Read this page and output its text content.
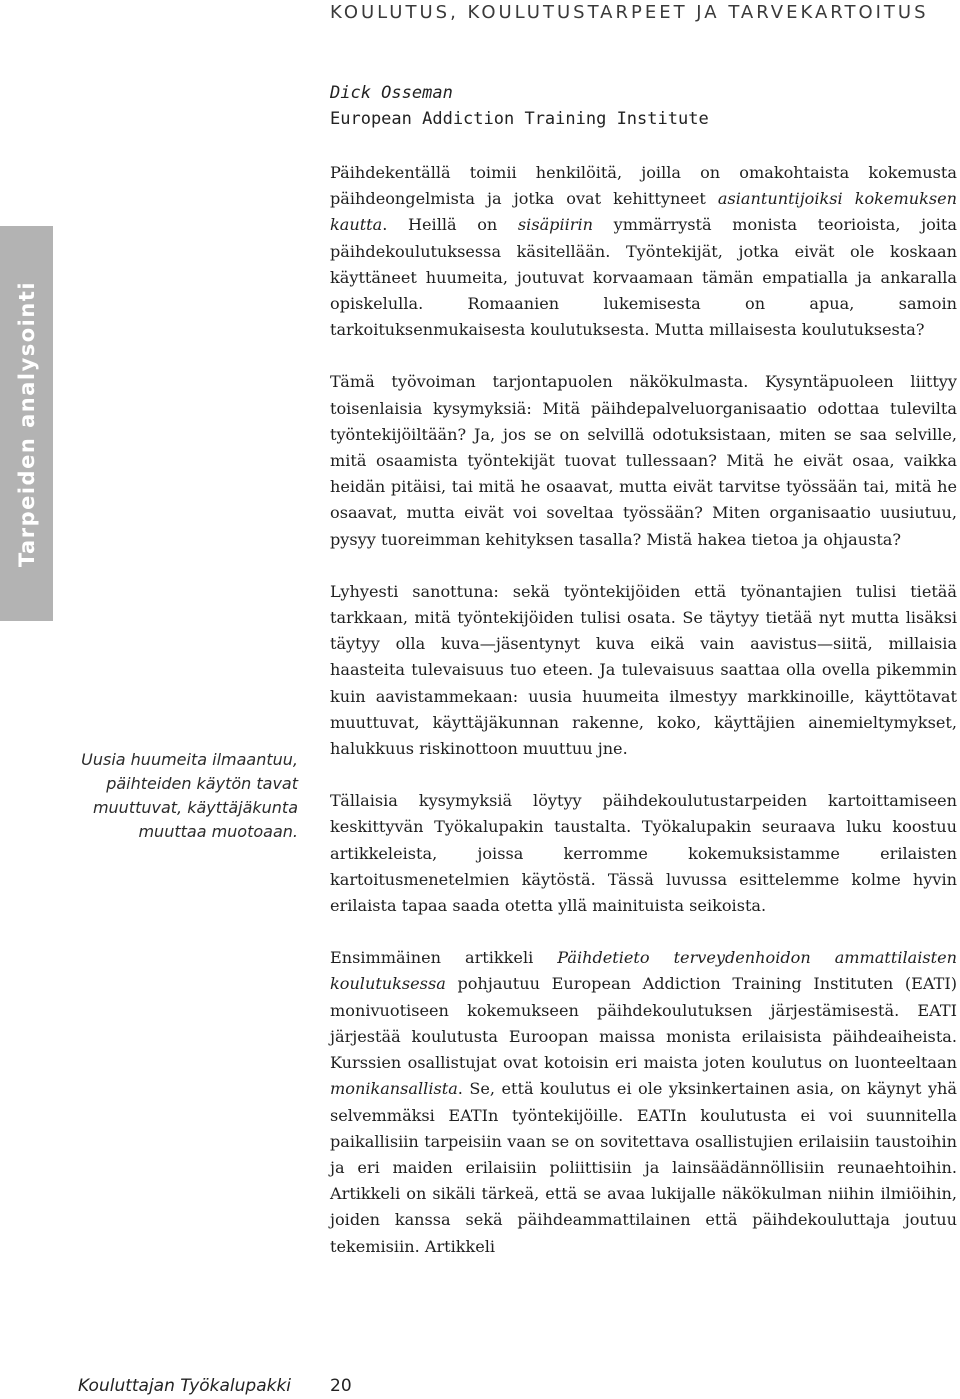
KOULUTUS, KOULUTUSTARPEET JA TARVEKARTOITUS
Dick Osseman
European Addiction Training Institute
Tarpeiden analysointi
Uusia huumeita ilmaantuu, päihteiden käytön tavat muuttuvat, käyttäjäkunta muuttaa muotoaan.

Päihdekentällä toimii henkilöitä, joilla on omakohtaista kokemusta päihdeongelmista ja jotka ovat kehittyneet asiantuntijoiksi kokemuksen kautta. Heillä on sisäpiirin ymmärrystä monista teorioista, joita päihdekoulutuksessa käsitellään. Työntekijät, jotka eivät ole koskaan käyttäneet huumeita, joutuvat korvaamaan tämän empatialla ja ankaralla opiskelulla. Romaanien lukemisesta on apua, samoin tarkoituksenmukaisesta koulutuksesta. Mutta millaisesta koulutuksesta?

Tämä työvoiman tarjontapuolen näkökulmasta. Kysyntäpuoleen liittyy toisenlaisia kysymyksiä: Mitä päihdepalveluorganisaatio odottaa tulevilta työntekijöiltään? Ja, jos se on selvillä odotuksistaan, miten se saa selville, mitä osaamista työntekijät tuovat tullessaan? Mitä he eivät osaa, vaikka heidän pitäisi, tai mitä he osaavat, mutta eivät tarvitse työssään tai, mitä he osaavat, mutta eivät voi soveltaa työssään? Miten organisaatio uusiutuu, pysyy tuoreimman kehityksen tasalla? Mistä hakea tietoa ja ohjausta?

Lyhyesti sanottuna: sekä työntekijöiden että työnantajien tulisi tietää tarkkaan, mitä työntekijöiden tulisi osata. Se täytyy tietää nyt mutta lisäksi täytyy olla kuva—jäsentynyt kuva eikä vain aavistus—siitä, millaisia haasteita tulevaisuus tuo eteen. Ja tulevaisuus saattaa olla ovella pikemmin kuin aavistammekaan: uusia huumeita ilmestyy markkinoille, käyttötavat muuttuvat, käyttäjäkunnan rakenne, koko, käyttäjien ainemieltymykset, halukkuus riskinottoon muuttuu jne.

Tällaisia kysymyksiä löytyy päihdekoulutustarpeiden kartoittamiseen keskittyvän Työkalupakin taustalta. Työkalupakin seuraava luku koostuu artikkeleista, joissa kerromme kokemuksistamme erilaisten kartoitusmenetelmien käytöstä. Tässä luvussa esittelemme kolme hyvin erilaista tapaa saada otetta yllä mainituista seikoista.

Ensimmäinen artikkeli Päihdetieto terveydenhoidon ammattilaisten koulutuksessa pohjautuu European Addiction Training Instituten (EATI) monivuotiseen kokemukseen päihdekoulutuksen järjestämisestä. EATI järjestää koulutusta Euroopan maissa monista erilaisista päihdeaiheista. Kurssien osallistujat ovat kotoisin eri maista joten koulutus on luonteeltaan monikansallista. Se, että koulutus ei ole yksinkertainen asia, on käynyt yhä selvemmäksi EATIn työntekijöille. EATIn koulutusta ei voi suunnitella paikallisiin tarpeisiin vaan se on sovitettava osallistujien erilaisiin taustoihin ja eri maiden erilaisiin poliittisiin ja lainsäädännöllisiin reunaehtoihin. Artikkeli on sikäli tärkeä, että se avaa lukijalle näkökulman niihin ilmiöihin, joiden kanssa sekä päihdeammattilainen että päihdekouluttaja joutuu tekemisiin. Artikkeli

Kouluttajan Työkalupakki 20
